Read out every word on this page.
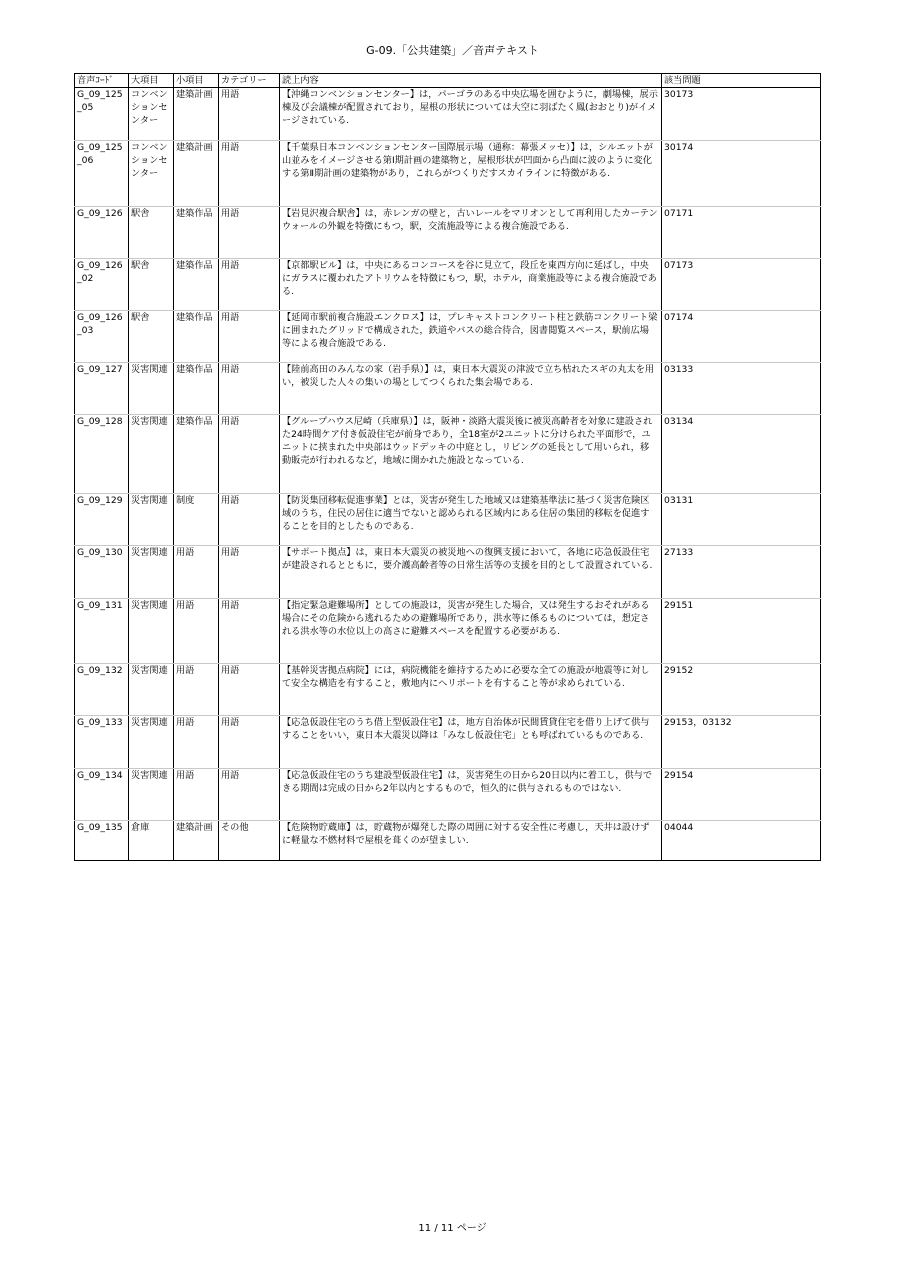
G-09.「公共建築」／音声テキスト
音声ｺｰﾄﾞ	大項目	小項目	カテゴリー	読上内容	該当問題
G_09_125_05	コンベンションセンター	建築計画	用語	【沖縄コンベンションセンター】は，パーゴラのある中央広場を囲むように，劇場棟，展示棟及び会議棟が配置されており，屋根の形状については大空に羽ばたく鳳(おおとり)がイメージされている.	30173
G_09_125_06	コンベンションセンター	建築計画	用語	【千葉県日本コンベンションセンター国際展示場（通称：幕張メッセ）】は，シルエットが山並みをイメージさせる第Ⅰ期計画の建築物と，屋根形状が凹面から凸面に波のように変化する第Ⅱ期計画の建築物があり，これらがつくりだすスカイラインに特徴がある.	30174
G_09_126	駅舎	建築作品	用語	【岩見沢複合駅舎】は，赤レンガの壁と，古いレールをマリオンとして再利用したカーテンウォールの外観を特徴にもつ，駅，交流施設等による複合施設である.	07171
G_09_126_02	駅舎	建築作品	用語	【京都駅ビル】は，中央にあるコンコースを谷に見立て，段丘を東西方向に延ばし，中央にガラスに覆われたアトリウムを特徴にもつ，駅，ホテル，商業施設等による複合施設である.	07173
G_09_126_03	駅舎	建築作品	用語	【延岡市駅前複合施設エンクロス】は，プレキャストコンクリート柱と鉄筋コンクリート梁に囲まれたグリッドで構成された，鉄道やバスの総合待合，図書閲覧スペース，駅前広場等による複合施設である.	07174
G_09_127	災害関連	建築作品	用語	【陸前高田のみんなの家（岩手県）】は，東日本大震災の津波で立ち枯れたスギの丸太を用い，被災した人々の集いの場としてつくられた集会場である.	03133
G_09_128	災害関連	建築作品	用語	【グループハウス尼崎（兵庫県）】は，阪神・淡路大震災後に被災高齢者を対象に建設された24時間ケア付き仮設住宅が前身であり，全18室が2ユニットに分けられた平面形で，ユニットに挟まれた中央部はウッドデッキの中庭とし，リビングの延長として用いられ，移動販売が行われるなど，地域に開かれた施設となっている.	03134
G_09_129	災害関連	制度	用語	【防災集団移転促進事業】とは，災害が発生した地域又は建築基準法に基づく災害危険区域のうち，住民の居住に適当でないと認められる区域内にある住居の集団的移転を促進することを目的としたものである.	03131
G_09_130	災害関連	用語	用語	【サポート拠点】は，東日本大震災の被災地への復興支援において，各地に応急仮設住宅が建設されるとともに，要介護高齢者等の日常生活等の支援を目的として設置されている.	27133
G_09_131	災害関連	用語	用語	【指定緊急避難場所】としての施設は，災害が発生した場合，又は発生するおそれがある場合にその危険から逃れるための避難場所であり，洪水等に係るものについては，想定される洪水等の水位以上の高さに避難スペースを配置する必要がある.	29151
G_09_132	災害関連	用語	用語	【基幹災害拠点病院】には，病院機能を維持するために必要な全ての施設が地震等に対して安全な構造を有すること，敷地内にヘリポートを有すること等が求められている.	29152
G_09_133	災害関連	用語	用語	【応急仮設住宅のうち借上型仮設住宅】は，地方自治体が民間賃貸住宅を借り上げて供与することをいい，東日本大震災以降は「みなし仮設住宅」とも呼ばれているものである.	29153，03132
G_09_134	災害関連	用語	用語	【応急仮設住宅のうち建設型仮設住宅】は，災害発生の日から20日以内に着工し，供与できる期間は完成の日から2年以内とするもので，恒久的に供与されるものではない.	29154
G_09_135	倉庫	建築計画	その他	【危険物貯蔵庫】は，貯蔵物が爆発した際の周囲に対する安全性に考慮し，天井は設けずに軽量な不燃材料で屋根を葺くのが望ましい.	04044
11 / 11 ページ
